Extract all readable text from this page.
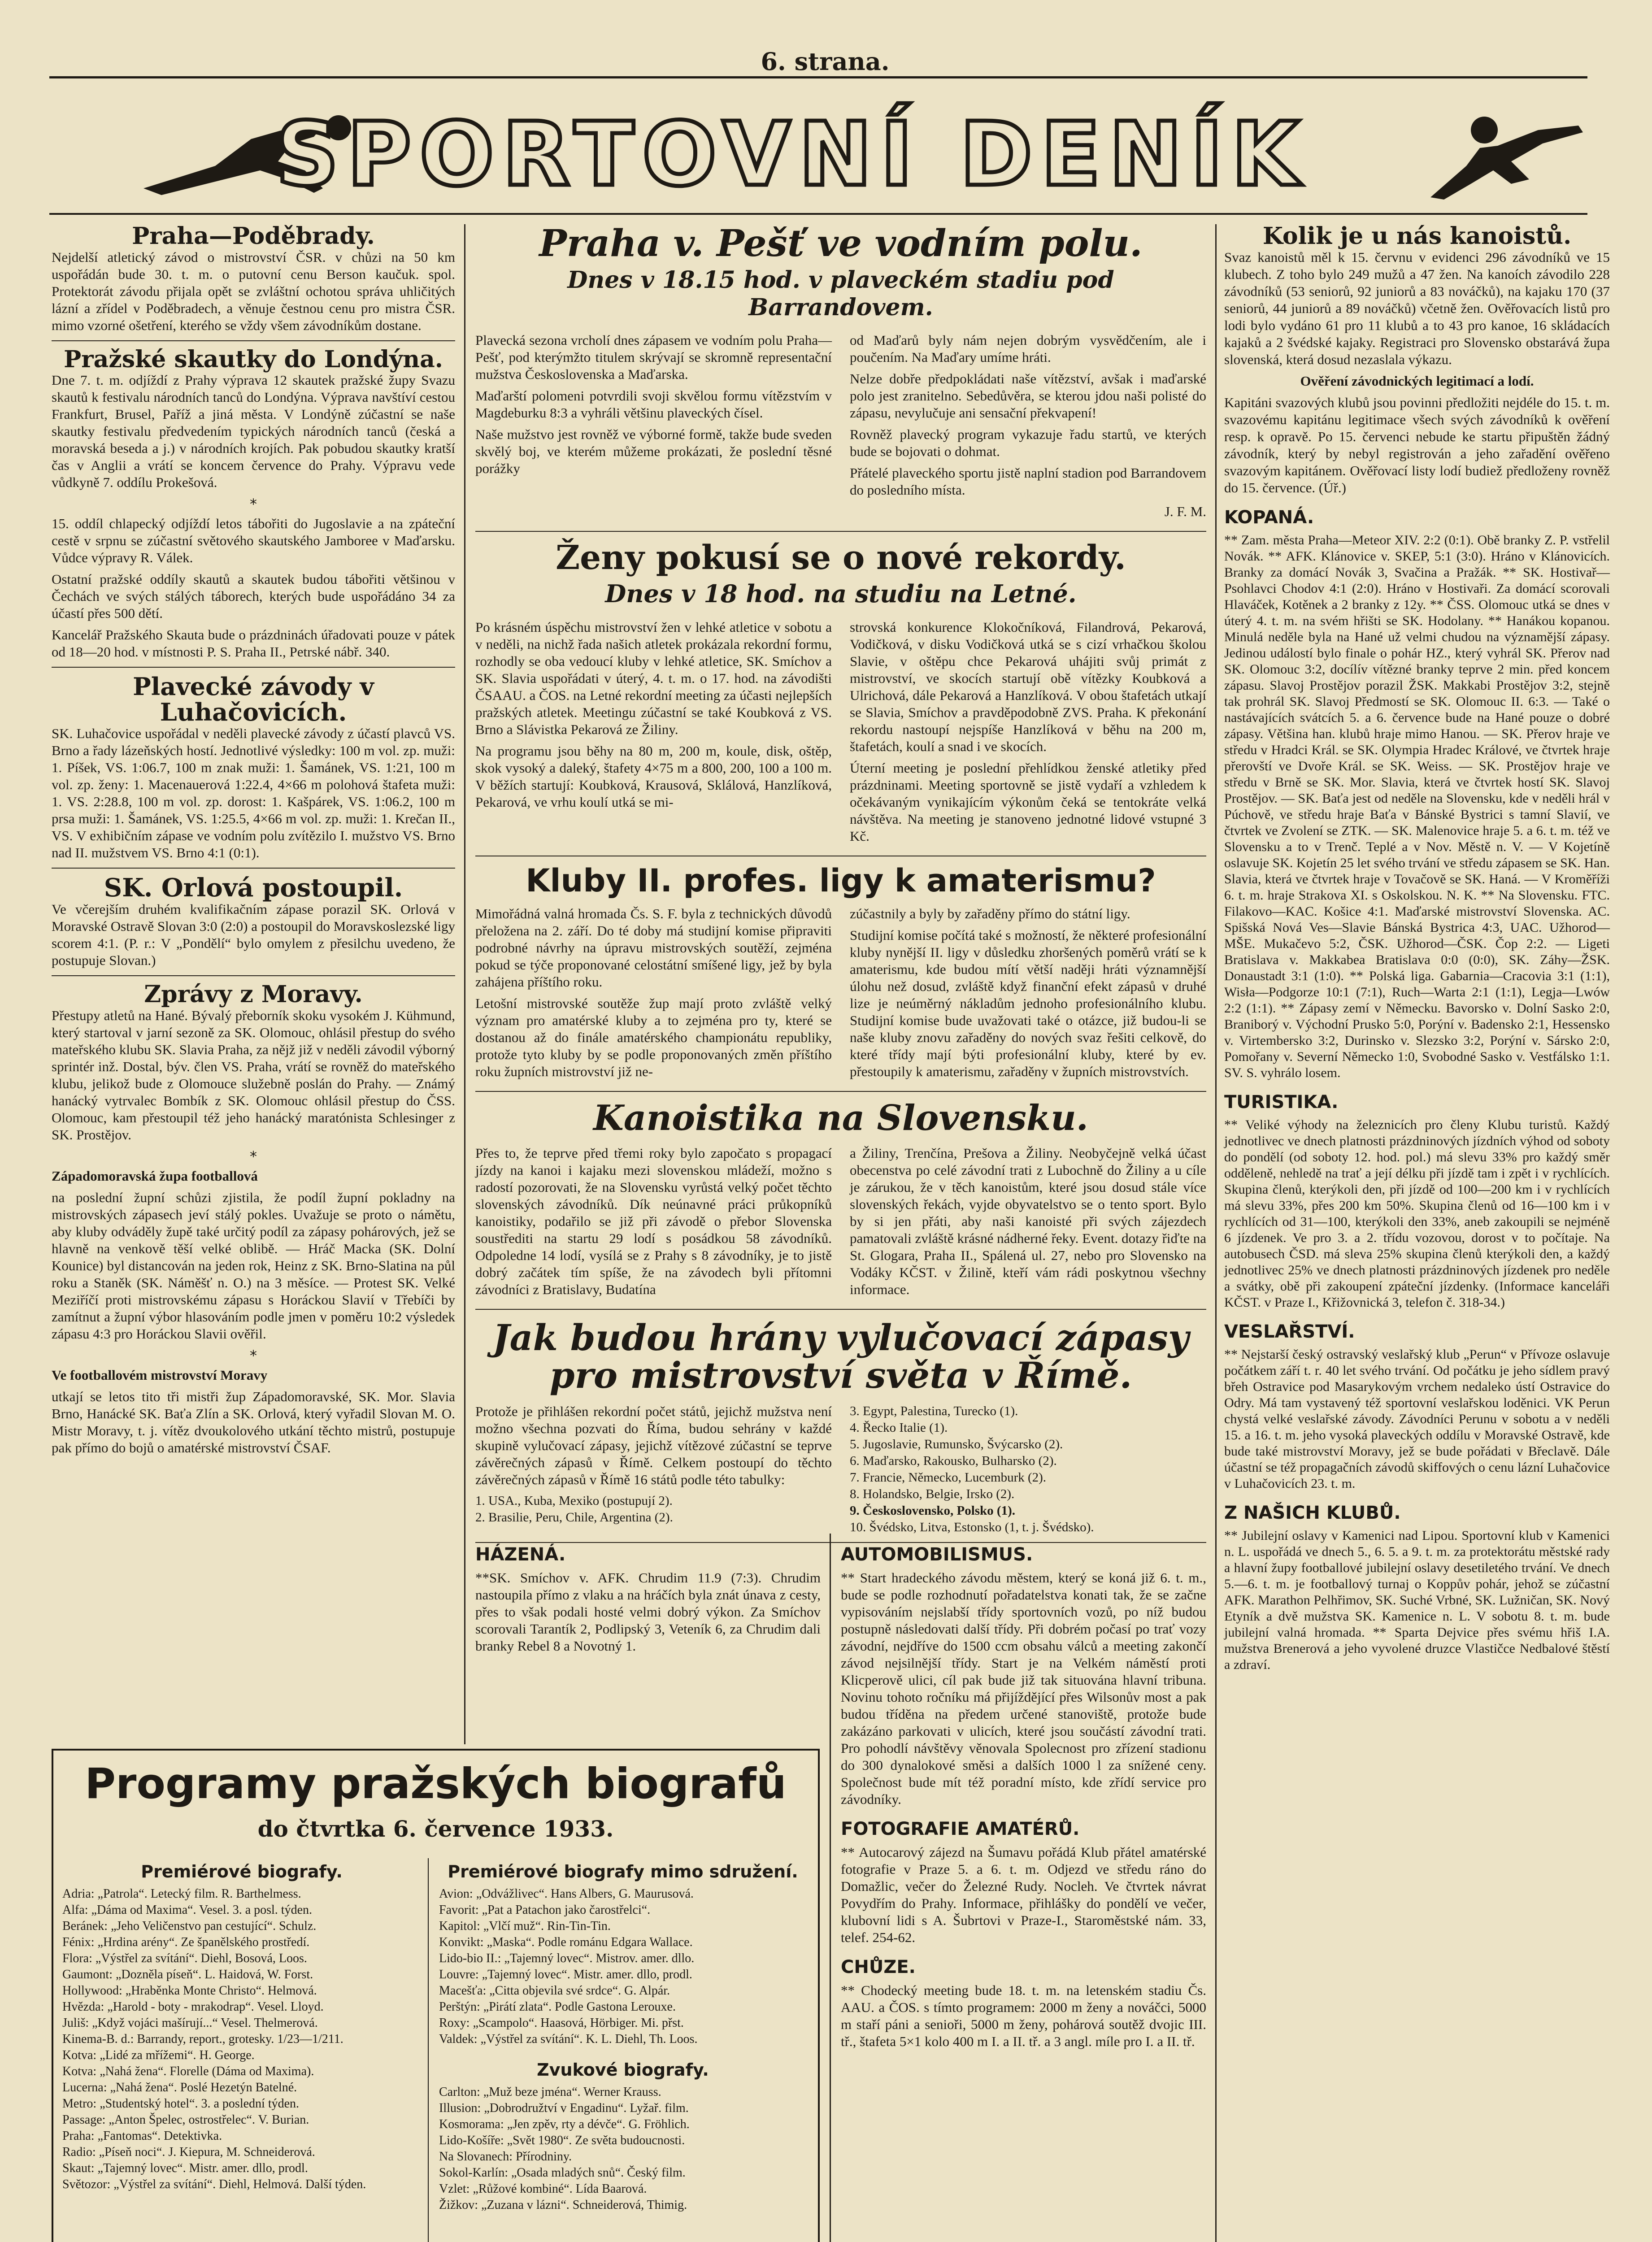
6. strana.
SPORTOVNÍ DENÍK
Praha—Poděbrady.

Nejdelší atletický závod o mistrovství ČSR. v chůzi na 50 km uspořádán bude 30. t. m. o putovní cenu Berson kaučuk. spol. Protektorát závodu přijala opět se zvláštní ochotou správa uhličitých lázní a zřídel v Poděbradech, a věnuje čestnou cenu pro mistra ČSR. mimo vzorné ošetření, kterého se vždy všem závodníkům dostane.

Pražské skautky do Londýna.

Dne 7. t. m. odjíždí z Prahy výprava 12 skautek pražské župy Svazu skautů k festivalu národních tanců do Londýna. Výprava navštíví cestou Frankfurt, Brusel, Paříž a jiná města. V Londýně zúčastní se naše skautky festivalu předvedením typických národních tanců (česká a moravská beseda a j.) v národních krojích. Pak pobudou skautky kratší čas v Anglii a vrátí se koncem července do Prahy. Výpravu vede vůdkyně 7. oddílu Prokešová.

*

15. oddíl chlapecký odjíždí letos tábořiti do Jugoslavie a na zpáteční cestě v srpnu se zúčastní světového skautského Jamboree v Maďarsku. Vůdce výpravy R. Válek.

Ostatní pražské oddíly skautů a skautek budou tábořiti většinou v Čechách ve svých stálých táborech, kterých bude uspořádáno 34 za účastí přes 500 dětí.

Kancelář Pražského Skauta bude o prázdninách úřadovati pouze v pátek od 18—20 hod. v místnosti P. S. Praha II., Petrské nábř. 340.

Plavecké závody v Luhačovicích.

SK. Luhačovice uspořádal v neděli plavecké závody z účastí plavců VS. Brno a řady lázeňských hostí. Jednotlivé výsledky: 100 m vol. zp. muži: 1. Píšek, VS. 1:06.7, 100 m znak muži: 1. Šamánek, VS. 1:21, 100 m vol. zp. ženy: 1. Macenauerová 1:22.4, 4×66 m polohová štafeta muži: 1. VS. 2:28.8, 100 m vol. zp. dorost: 1. Kašpárek, VS. 1:06.2, 100 m prsa muži: 1. Šamánek, VS. 1:25.5, 4×66 m vol. zp. muži: 1. Krečan II., VS. V exhibičním zápase ve vodním polu zvítězilo I. mužstvo VS. Brno nad II. mužstvem VS. Brno 4:1 (0:1).

SK. Orlová postoupil.

Ve včerejším druhém kvalifikačním zápase porazil SK. Orlová v Moravské Ostravě Slovan 3:0 (2:0) a postoupil do Moravskoslezské ligy scorem 4:1. (P. r.: V „Pondělí“ bylo omylem z přesilchu uvedeno, že postupuje Slovan.)

Zprávy z Moravy.

Přestupy atletů na Hané. Bývalý přeborník skoku vysokém J. Kühmund, který startoval v jarní sezoně za SK. Olomouc, ohlásil přestup do svého mateřského klubu SK. Slavia Praha, za nějž již v neděli závodil výborný sprintér inž. Dostal, býv. člen VS. Praha, vrátí se rovněž do mateřského klubu, jelikož bude z Olomouce služebně poslán do Prahy. — Známý hanácký vytrvalec Bombík z SK. Olomouc ohlásil přestup do ČSS. Olomouc, kam přestoupil též jeho hanácký maratónista Schlesinger z SK. Prostějov.

*

Západomoravská župa footballová

na poslední župní schůzi zjistila, že podíl župní pokladny na mistrovských zápasech jeví stálý pokles. Uvažuje se proto o námětu, aby kluby odváděly župě také určitý podíl za zápasy pohárových, jež se hlavně na venkově těší velké oblibě. — Hráč Macka (SK. Dolní Kounice) byl distancován na jeden rok, Heinz z SK. Brno-Slatina na půl roku a Staněk (SK. Náměšť n. O.) na 3 měsíce. — Protest SK. Velké Meziříčí proti mistrovskému zápasu s Horáckou Slavií v Třebíči by zamítnut a župní výbor hlasováním podle jmen v poměru 10:2 výsledek zápasu 4:3 pro Horáckou Slavii ověřil.

*

Ve footballovém mistrovství Moravy

utkají se letos tito tři mistři žup Západomoravské, SK. Mor. Slavia Brno, Hanácké SK. Baťa Zlín a SK. Orlová, který vyřadil Slovan M. O. Mistr Moravy, t. j. vítěz dvoukolového utkání těchto mistrů, postupuje pak přímo do bojů o amatérské mistrovství ČSAF.

Praha v. Pešť ve vodním polu.
Dnes v 18.15 hod. v plaveckém stadiu pod Barrandovem.

Plavecká sezona vrcholí dnes zápasem ve vodním polu Praha—Pešť, pod kterýmžto titulem skrývají se skromně representační mužstva Československa a Maďarska.

Maďarští polomeni potvrdili svoji skvělou formu vítězstvím v Magdeburku 8:3 a vyhráli většinu plaveckých čísel.

Naše mužstvo jest rovněž ve výborné formě, takže bude sveden skvělý boj, ve kterém můžeme prokázati, že poslední těsné porážky

od Maďarů byly nám nejen dobrým vysvědčením, ale i poučením. Na Maďary umíme hráti.

Nelze dobře předpokládati naše vítězství, avšak i maďarské polo jest zranitelno. Sebedůvěra, se kterou jdou naši polisté do zápasu, nevylučuje ani sensační překvapení!

Rovněž plavecký program vykazuje řadu startů, ve kterých bude se bojovati o dohmat.

Přátelé plaveckého sportu jistě naplní stadion pod Barrandovem do posledního místa.

J. F. M.

Ženy pokusí se o nové rekordy.
Dnes v 18 hod. na studiu na Letné.

Po krásném úspěchu mistrovství žen v lehké atletice v sobotu a v neděli, na nichž řada našich atletek prokázala rekordní formu, rozhodly se oba vedoucí kluby v lehké atletice, SK. Smíchov a SK. Slavia uspořádati v úterý, 4. t. m. o 17. hod. na závodišti ČSAAU. a ČOS. na Letné rekordní meeting za účasti nejlepších pražských atletek. Meetingu zúčastní se také Koubková z VS. Brno a Slávistka Pekarová ze Žiliny.

Na programu jsou běhy na 80 m, 200 m, koule, disk, oštěp, skok vysoký a daleký, štafety 4×75 m a 800, 200, 100 a 100 m. V běžích startují: Koubková, Krausová, Sklálová, Hanzlíková, Pekarová, ve vrhu koulí utká se mi-

strovská konkurence Klokočníková, Filandrová, Pekarová, Vodičková, v disku Vodičková utká se s cizí vrhačkou školou Slavie, v oštěpu chce Pekarová uhájiti svůj primát z mistrovství, ve skocích startují obě vítězky Koubková a Ulrichová, dále Pekarová a Hanzlíková. V obou štafetách utkají se Slavia, Smíchov a pravděpodobně ZVS. Praha. K překonání rekordu nastoupí nejspíše Hanzlíková v běhu na 200 m, štafetách, koulí a snad i ve skocích.

Úterní meeting je poslední přehlídkou ženské atletiky před prázdninami. Meeting sportovně se jistě vydaří a vzhledem k očekávaným vynikajícím výkonům čeká se tentokráte velká návštěva. Na meeting je stanoveno jednotné lidové vstupné 3 Kč.

Kluby II. profes. ligy k amaterismu?

Mimořádná valná hromada Čs. S. F. byla z technických důvodů přeložena na 2. září. Do té doby má studijní komise připraviti podrobné návrhy na úpravu mistrovských soutěží, zejména pokud se týče proponované celostátní smíšené ligy, jež by byla zahájena příštího roku.

Letošní mistrovské soutěže žup mají proto zvláště velký význam pro amatérské kluby a to zejména pro ty, které se dostanou až do finále amatérského championátu republiky, protože tyto kluby by se podle proponovaných změn příštího roku župních mistrovství již ne-

zúčastnily a byly by zařaděny přímo do státní ligy.

Studijní komise počítá také s možností, že některé profesionální kluby nynější II. ligy v důsledku zhoršených poměrů vrátí se k amaterismu, kde budou mítí větší naději hráti významnější úlohu než dosud, zvláště když finanční efekt zápasů v druhé lize je neúměrný nákladům jednoho profesionálního klubu. Studijní komise bude uvažovati také o otázce, již budou-li se naše kluby znovu zařaděny do nových svaz řešiti celkově, do které třídy mají býti profesionální kluby, které by ev. přestoupily k amaterismu, zařaděny v župních mistrovstvích.

Kanoistika na Slovensku.

Přes to, že teprve před třemi roky bylo započato s propagací jízdy na kanoi i kajaku mezi slovenskou mládeží, možno s radostí pozorovati, že na Slovensku vyrůstá velký počet těchto slovenských závodníků. Dík neúnavné práci průkopníků kanoistiky, podařilo se již při závodě o přebor Slovenska soustřediti na startu 29 lodí s posádkou 58 závodníků. Odpoledne 14 lodí, vysílá se z Prahy s 8 závodníky, je to jistě dobrý začátek tím spíše, že na závodech byli přítomni závodníci z Bratislavy, Budatína

a Žiliny, Trenčína, Prešova a Žiliny. Neobyčejně velká účast obecenstva po celé závodní trati z Lubochně do Žiliny a u cíle je zárukou, že v těch kanoistům, které jsou dosud stále více slovenských řekách, vyjde obyvatelstvo se o tento sport. Bylo by si jen přáti, aby naši kanoisté při svých zájezdech pamatovali zvláště krásné nádherné řeky. Event. dotazy řiďte na St. Glogara, Praha II., Spálená ul. 27, nebo pro Slovensko na Vodáky KČST. v Žilině, kteří vám rádi poskytnou všechny informace.

Jak budou hrány vylučovací zápasy
pro mistrovství světa v Římě.

Protože je přihlášen rekordní počet států, jejichž mužstva není možno všechna pozvati do Říma, budou sehrány v každé skupině vylučovací zápasy, jejichž vítězové zúčastní se teprve závěrečných zápasů v Římě. Celkem postoupí do těchto závěrečných zápasů v Římě 16 států podle této tabulky:

1. USA., Kuba, Mexiko (postupují 2).

2. Brasilie, Peru, Chile, Argentina (2).

3. Egypt, Palestina, Turecko (1).

4. Řecko Italie (1).

5. Jugoslavie, Rumunsko, Švýcarsko (2).

6. Maďarsko, Rakousko, Bulharsko (2).

7. Francie, Německo, Lucemburk (2).

8. Holandsko, Belgie, Irsko (2).

9. Československo, Polsko (1).

10. Švédsko, Litva, Estonsko (1, t. j. Švédsko).

HÁZENÁ.

**SK. Smíchov v. AFK. Chrudim 11.9 (7:3). Chrudim nastoupila přímo z vlaku a na hráčích byla znát únava z cesty, přes to však podali hosté velmi dobrý výkon. Za Smíchov scorovali Tarantík 2, Podlipský 3, Veteník 6, za Chrudim dali branky Rebel 8 a Novotný 1.

AUTOMOBILISMUS.

** Start hradeckého závodu městem, který se koná již 6. t. m., bude se podle rozhodnutí pořadatelstva konati tak, že se začne vypisováním nejslabší třídy sportovních vozů, po níž budou postupně následovati další třídy. Při dobrém počasí po trať vozy závodní, nejdříve do 1500 ccm obsahu válců a meeting zakončí závod nejsilnější třídy. Start je na Velkém náměstí proti Klicperově ulici, cíl pak bude již tak situována hlavní tribuna. Novinu tohoto ročníku má přijíždějící přes Wilsonův most a pak budou tříděna na předem určené stanoviště, protože bude zakázáno parkovati v ulicích, které jsou součástí závodní trati. Pro pohodlí návštěvy věnovala Spolecnost pro zřízení stadionu do 300 dynalokové směsi a dalších 1000 l za snížené ceny. Společnost bude mít též poradní místo, kde zřídí service pro závodníky.

FOTOGRAFIE AMATÉRŮ.

** Autocarový zájezd na Šumavu pořádá Klub přátel amatérské fotografie v Praze 5. a 6. t. m. Odjezd ve středu ráno do Domažlic, večer do Železné Rudy. Nocleh. Ve čtvrtek návrat Povydřím do Prahy. Informace, přihlášky do pondělí ve večer, klubovní lidi s A. Šubrtovi v Praze-I., Staroměstské nám. 33, telef. 254-62.

CHŮZE.

** Chodecký meeting bude 18. t. m. na letenském stadiu Čs. AAU. a ČOS. s tímto programem: 2000 m ženy a nováčci, 5000 m staří páni a senioři, 5000 m ženy, pohárová soutěž dvojic III. tř., štafeta 5×1 kolo 400 m I. a II. tř. a 3 angl. míle pro I. a II. tř.

Programy pražských biografů
do čtvrtka 6. července 1933.
Premiérové biografy.

Adria: „Patrola“. Letecký film. R. Barthelmess.

Alfa: „Dáma od Maxima“. Vesel. 3. a posl. týden.

Beránek: „Jeho Veličenstvo pan cestující“. Schulz.

Fénix: „Hrdina arény“. Ze španělského prostředí.

Flora: „Výstřel za svítání“. Diehl, Bosová, Loos.

Gaumont: „Dozněla píseň“. L. Haidová, W. Forst.

Hollywood: „Hraběnka Monte Christo“. Helmová.

Hvězda: „Harold - boty - mrakodrap“. Vesel. Lloyd.

Juliš: „Když vojáci mašírují...“ Vesel. Thelmerová.

Kinema-B. d.: Barrandy, report., grotesky. 1/23—1/211.

Kotva: „Lidé za mřížemi“. H. George.

Kotva: „Nahá žena“. Florelle (Dáma od Maxima).

Lucerna: „Nahá žena“. Poslé Hezetýn Batelné.

Metro: „Studentský hotel“. 3. a poslední týden.

Passage: „Anton Špelec, ostrostřelec“. V. Burian.

Praha: „Fantomas“. Detektivka.

Radio: „Píseň noci“. J. Kiepura, M. Schneiderová.

Skaut: „Tajemný lovec“. Mistr. amer. dllo, prodl.

Světozor: „Výstřel za svítání“. Diehl, Helmová. Další týden.

Premiérové biografy mimo sdružení.

Avion: „Odvážlivec“. Hans Albers, G. Maurusová.

Favorit: „Pat a Patachon jako čarostřelci“.

Kapitol: „Vlčí muž“. Rin-Tin-Tin.

Konvikt: „Maska“. Podle románu Edgara Wallace.

Lido-bio II.: „Tajemný lovec“. Mistrov. amer. dllo.

Louvre: „Tajemný lovec“. Mistr. amer. dllo, prodl.

Macešťa: „Citta objevila své srdce“. G. Alpár.

Perštýn: „Pirátí zlata“. Podle Gastona Lerouxe.

Roxy: „Scampolo“. Haasová, Hörbiger. Mi. přst.

Valdek: „Výstřel za svítání“. K. L. Diehl, Th. Loos.

Zvukové biografy.

Carlton: „Muž beze jména“. Werner Krauss.

Illusion: „Dobrodružtví v Engadinu“. Lyžař. film.

Kosmorama: „Jen zpěv, rty a dévče“. G. Fröhlich.

Lido-Košíře: „Svět 1980“. Ze světa budoucnosti.

Na Slovanech: Přírodniny.

Sokol-Karlín: „Osada mladých snů“. Český film.

Vzlet: „Růžové kombiné“. Lída Baarová.

Žižkov: „Zuzana v lázni“. Schneiderová, Thimig.

Kolik je u nás kanoistů.

Svaz kanoistů měl k 15. červnu v evidenci 296 závodníků ve 15 klubech. Z toho bylo 249 mužů a 47 žen. Na kanoích závodilo 228 závodníků (53 seniorů, 92 juniorů a 83 nováčků), na kajaku 170 (37 seniorů, 44 juniorů a 89 nováčků) včetně žen. Ověřovacích listů pro lodi bylo vydáno 61 pro 11 klubů a to 43 pro kanoe, 16 skládacích kajaků a 2 švédské kajaky. Registraci pro Slovensko obstarává župa slovenská, která dosud nezaslala výkazu.

Ověření závodnických legitimací a lodí.

Kapitáni svazových klubů jsou povinni předložiti nejdéle do 15. t. m. svazovému kapitánu legitimace všech svých závodníků k ověření resp. k opravě. Po 15. červenci nebude ke startu připuštěn žádný závodník, který by nebyl registrován a jeho zařadění ověřeno svazovým kapitánem. Ověřovací listy lodí budiež předloženy rovněž do 15. července. (Úř.)

KOPANÁ.

** Zam. města Praha—Meteor XIV. 2:2 (0:1). Obě branky Z. P. vstřelil Novák. ** AFK. Klánovice v. SKEP, 5:1 (3:0). Hráno v Klánovicích. Branky za domácí Novák 3, Svačina a Pražák. ** SK. Hostivař—Psohlavci Chodov 4:1 (2:0). Hráno v Hostivaři. Za domácí scorovali Hlaváček, Kotěnek a 2 branky z 12y. ** ČSS. Olomouc utká se dnes v úterý 4. t. m. na svém hřišti se SK. Hodolany. ** Hanákou kopanou. Minulá neděle byla na Hané už velmi chudou na významější zápasy. Jedinou událostí bylo finale o pohár HZ., který vyhrál SK. Přerov nad SK. Olomouc 3:2, docílív vítězné branky teprve 2 min. před koncem zápasu. Slavoj Prostějov porazil ŽSK. Makkabi Prostějov 3:2, stejně tak prohrál SK. Slavoj Předmostí se SK. Olomouc II. 6:3. — Také o nastávajících svátcích 5. a 6. července bude na Hané pouze o dobré zápasy. Většina han. klubů hraje mimo Hanou. — SK. Přerov hraje ve středu v Hradci Král. se SK. Olympia Hradec Králové, ve čtvrtek hraje přerovští ve Dvoře Král. se SK. Weiss. — SK. Prostějov hraje ve středu v Brně se SK. Mor. Slavia, která ve čtvrtek hostí SK. Slavoj Prostějov. — SK. Baťa jest od neděle na Slovensku, kde v neděli hrál v Púchově, ve středu hraje Baťa v Bánské Bystrici s tamní Slavií, ve čtvrtek ve Zvolení se ZTK. — SK. Malenovice hraje 5. a 6. t. m. též ve Slovensku a to v Trenč. Teplé a v Nov. Městě n. V. — V Kojetíně oslavuje SK. Kojetín 25 let svého trvání ve středu zápasem se SK. Han. Slavia, která ve čtvrtek hraje v Tovačově se SK. Haná. — V Kroměříži 6. t. m. hraje Strakova XI. s Oskolskou. N. K. ** Na Slovensku. FTC. Filakovo—KAC. Košice 4:1. Maďarské mistrovství Slovenska. AC. Spišská Nová Ves—Slavie Bánská Bystrica 4:3, UAC. Užhorod—MŠE. Mukačevo 5:2, ČSK. Užhorod—ČSK. Čop 2:2. — Ligeti Bratislava v. Makkabea Bratislava 0:0 (0:0), SK. Záhy—ŽSK. Donaustadt 3:1 (1:0). ** Polská liga. Gabarnia—Cracovia 3:1 (1:1), Wisła—Podgorze 10:1 (7:1), Ruch—Warta 2:1 (1:1), Legja—Lwów 2:2 (1:1). ** Zápasy zemí v Německu. Bavorsko v. Dolní Sasko 2:0, Braniborý v. Východní Prusko 5:0, Porýní v. Badensko 2:1, Hessensko v. Virtembersko 3:2, Durinsko v. Slezsko 3:2, Porýní v. Sársko 2:0, Pomořany v. Severní Německo 1:0, Svobodné Sasko v. Vestfálsko 1:1. SV. S. vyhrálo losem.

TURISTIKA.

** Veliké výhody na železnicích pro členy Klubu turistů. Každý jednotlivec ve dnech platnosti prázdninových jízdních výhod od soboty do pondělí (od soboty 12. hod. pol.) má slevu 33% pro každý směr odděleně, nehledě na trať a její délku při jízdě tam i zpět i v rychlících. Skupina členů, kterýkoli den, při jízdě od 100—200 km i v rychlících má slevu 33%, přes 200 km 50%. Skupina členů od 16—100 km i v rychlících od 31—100, kterýkoli den 33%, aneb zakoupili se nejméně 6 jízdenek. Ve pro 3. a 2. třídu vozovou, dorost v to počítaje. Na autobusech ČSD. má sleva 25% skupina členů kterýkoli den, a každý jednotlivec 25% ve dnech platnosti prázdninových jízdenek pro neděle a svátky, obě při zakoupení zpáteční jízdenky. (Informace kanceláři KČST. v Praze I., Křižovnická 3, telefon č. 318-34.)

VESLAŘSTVÍ.

** Nejstarší český ostravský veslařský klub „Perun“ v Přívoze oslavuje počátkem září t. r. 40 let svého trvání. Od počátku je jeho sídlem pravý břeh Ostravice pod Masarykovým vrchem nedaleko ústí Ostravice do Odry. Má tam vystavený též sportovní veslařskou loděnici. VK Perun chystá velké veslařské závody. Závodníci Perunu v sobotu a v neděli 15. a 16. t. m. jeho vysoká plaveckých oddílu v Moravské Ostravě, kde bude také mistrovství Moravy, jež se bude pořádati v Břeclavě. Dále účastní se též propagačních závodů skiffových o cenu lázní Luhačovice v Luhačovicích 23. t. m.

Z NAŠICH KLUBŮ.

** Jubilejní oslavy v Kamenici nad Lipou. Sportovní klub v Kamenici n. L. uspořádá ve dnech 5., 6. 5. a 9. t. m. za protektorátu městské rady a hlavní župy footballové jubilejní oslavy desetiletého trvání. Ve dnech 5.—6. t. m. je footballový turnaj o Koppův pohár, jehož se zúčastní AFK. Marathon Pelhřimov, SK. Suché Vrbné, SK. Lužničan, SK. Nový Etyník a dvě mužstva SK. Kamenice n. L. V sobotu 8. t. m. bude jubilejní valná hromada. ** Sparta Dejvice přes svému hřiš I.A. mužstva Brenerová a jeho vyvolené druzce Vlastičce Nedbalové štěstí a zdraví.
